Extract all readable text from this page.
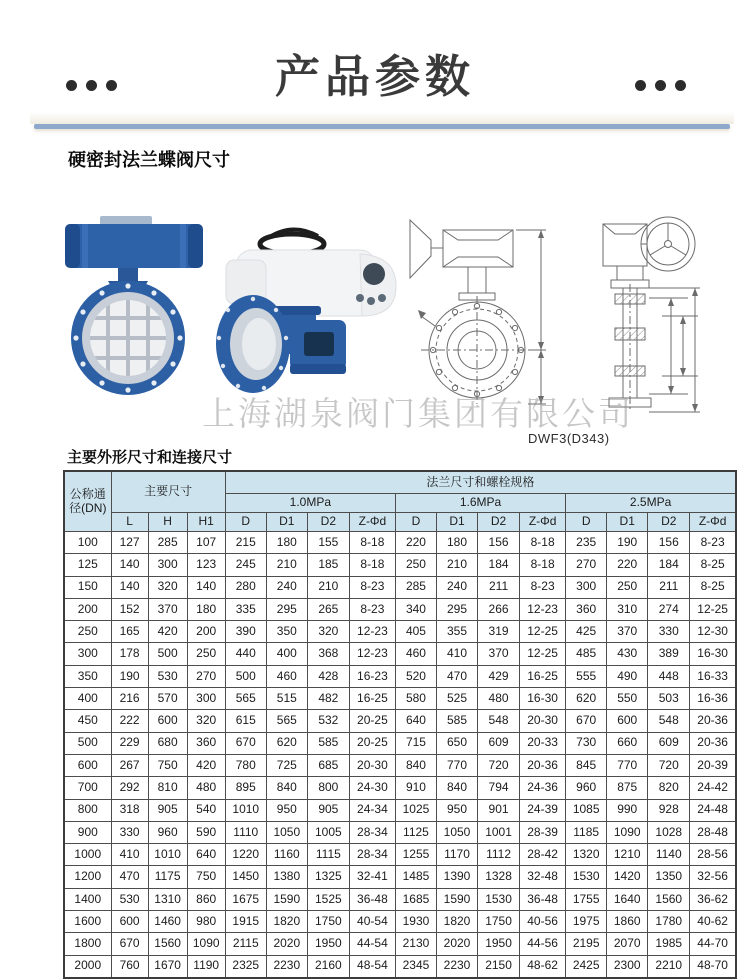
产品参数
硬密封法兰蝶阀尺寸
上海湖泉阀门集团有限公司
DWF3(D343)
主要外形尺寸和连接尺寸
公称通径(DN)	主要尺寸			法兰尺寸和螺栓规格											
				1.0MPa				1.6MPa				2.5MPa			
	L	H	H1	D	D1	D2	Z-Φd	D	D1	D2	Z-Φd	D	D1	D2	Z-Φd
100	127	285	107	215	180	155	8-18	220	180	156	8-18	235	190	156	8-23
125	140	300	123	245	210	185	8-18	250	210	184	8-18	270	220	184	8-25
150	140	320	140	280	240	210	8-23	285	240	211	8-23	300	250	211	8-25
200	152	370	180	335	295	265	8-23	340	295	266	12-23	360	310	274	12-25
250	165	420	200	390	350	320	12-23	405	355	319	12-25	425	370	330	12-30
300	178	500	250	440	400	368	12-23	460	410	370	12-25	485	430	389	16-30
350	190	530	270	500	460	428	16-23	520	470	429	16-25	555	490	448	16-33
400	216	570	300	565	515	482	16-25	580	525	480	16-30	620	550	503	16-36
450	222	600	320	615	565	532	20-25	640	585	548	20-30	670	600	548	20-36
500	229	680	360	670	620	585	20-25	715	650	609	20-33	730	660	609	20-36
600	267	750	420	780	725	685	20-30	840	770	720	20-36	845	770	720	20-39
700	292	810	480	895	840	800	24-30	910	840	794	24-36	960	875	820	24-42
800	318	905	540	1010	950	905	24-34	1025	950	901	24-39	1085	990	928	24-48
900	330	960	590	1110	1050	1005	28-34	1125	1050	1001	28-39	1185	1090	1028	28-48
1000	410	1010	640	1220	1160	1115	28-34	1255	1170	1112	28-42	1320	1210	1140	28-56
1200	470	1175	750	1450	1380	1325	32-41	1485	1390	1328	32-48	1530	1420	1350	32-56
1400	530	1310	860	1675	1590	1525	36-48	1685	1590	1530	36-48	1755	1640	1560	36-62
1600	600	1460	980	1915	1820	1750	40-54	1930	1820	1750	40-56	1975	1860	1780	40-62
1800	670	1560	1090	2115	2020	1950	44-54	2130	2020	1950	44-56	2195	2070	1985	44-70
2000	760	1670	1190	2325	2230	2160	48-54	2345	2230	2150	48-62	2425	2300	2210	48-70
